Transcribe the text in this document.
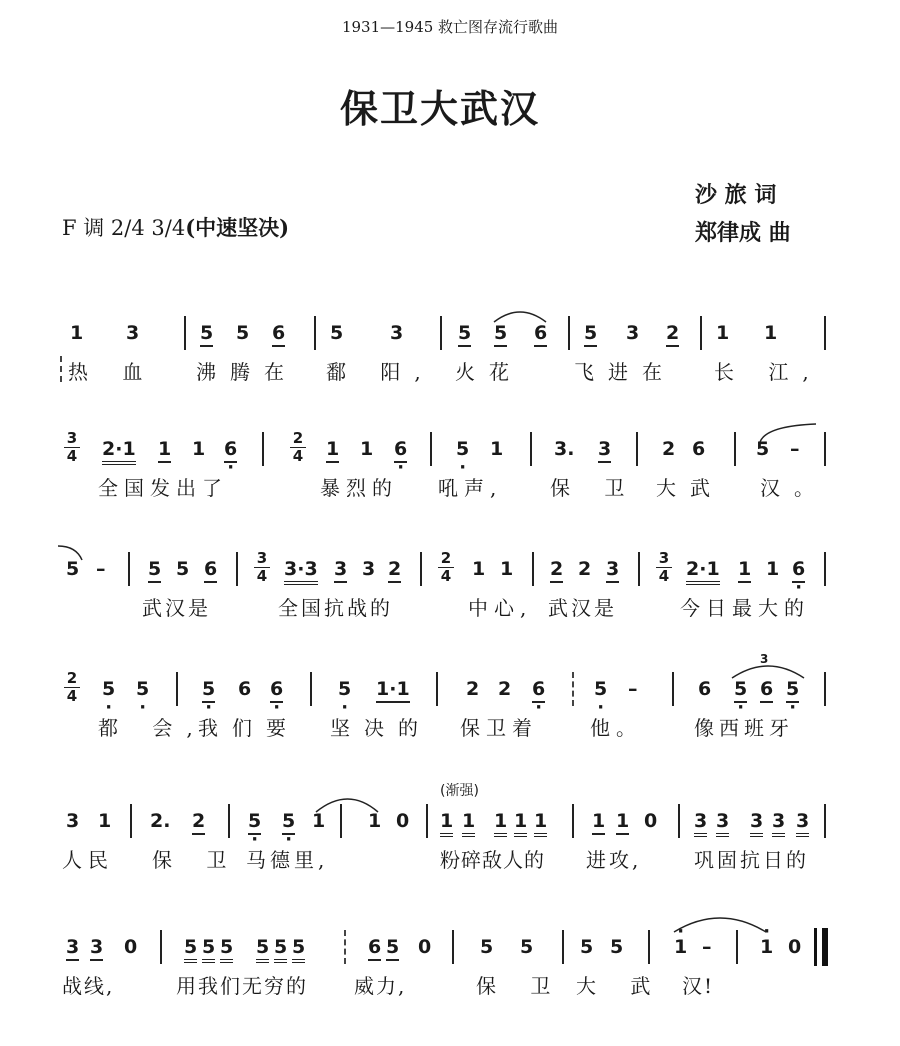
1931—1945 救亡图存流行歌曲
保卫大武汉
沙 旅 词
郑律成 曲
F 调 2/4 3/4(中速坚决)
1 3	5 5 6 5 3	5 5 6 5 3 2 1 1
热 血 沸腾在 鄱 阳, 火花	飞进在 长 江,
3
4 2·1 1 1 6 ·	2
4 1 1 6 ·	5 · 1	3. 3	2 6	5 –
全国发出了	暴烈的 吼声, 保 卫 大武 汉。
5 – 5 5 6	3
4 3·3 3 3 2	2
4 1 1 2 2 3	3
4 2·1 1 1 6 ·
武汉是	全国抗战的	中心, 武汉是	今日最大的
2
4 5 · 5 ·	5 · 6 6 ·	5 · 1·1	2 2 6 ·	5 · –	6 5 · 6 5 ·
3
都 会,
我们要 坚决的 保卫着	他。	像西班牙
(渐强)
3 1 2. 2 5 · 5 · 1 1 0 1 1 1 1 1 1 1 0 3 3 3 3 3
人民 保 卫 马德里,	粉碎敌人的 进攻,	巩固抗日的
3 3 0 5 5 5 5 5 5	6 5 0	5 5 5 5	· 1 –	· 1 0
战线,	用我们无穷的 威力,	保 卫 大 武 汉!
